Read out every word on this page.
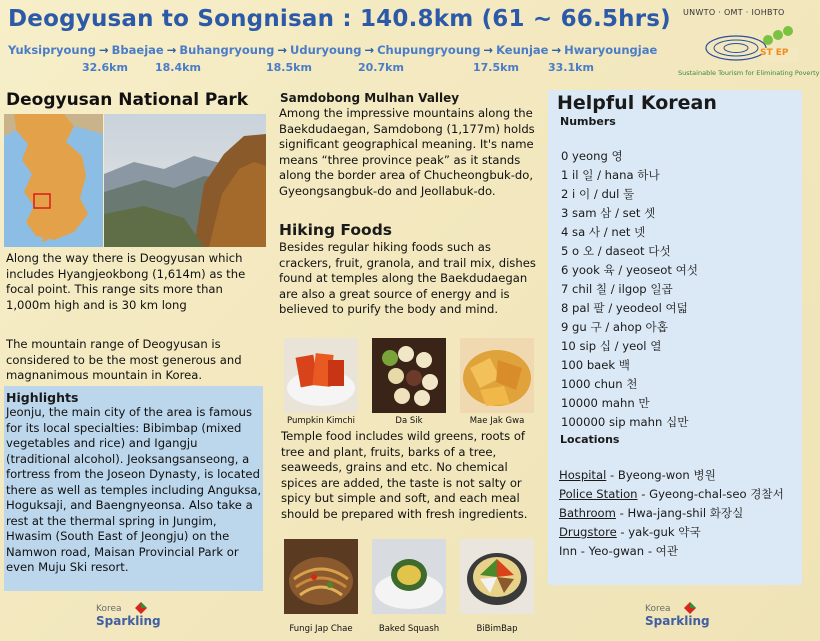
Deogyusan to Songnisan : 140.8km (61 ~ 66.5hrs)
Yuksipryoung → Bbaejae → Buhangryoung → Uduryoung → Chupungryoung → Keunjae → Hwaryoungjae
32.6km 18.4km	18.5km	20.7km	17.5km	33.1km
UNWTO · OMT · ІОНВТО
ST EP
Sustainable Tourism for Eliminating Poverty
Deogyusan National Park
Along the way there is Deogyusan which includes Hyangjeokbong (1,614m) as the focal point. This range sits more than 1,000m high and is 30 km long
The mountain range of Deogyusan is considered to be the most generous and magnanimous mountain in Korea.
Highlights
Jeonju, the main city of the area is famous for its local specialties: Bibimbap (mixed vegetables and rice) and Igangju (traditional alcohol). Jeoksangsanseong, a fortress from the Joseon Dynasty, is located there as well as temples including Anguksa, Hoguksaji, and Baengnyeonsa. Also take a rest at the thermal spring in Jungim, Hwasim (South East of Jeongju) on the Namwon road, Maisan Provincial Park or even Muju Ski resort.
Korea
Sparkling
Samdobong Mulhan Valley
Among the impressive mountains along the Baekdudaegan, Samdobong (1,177m) holds significant geographical meaning. It's name means “three province peak” as it stands along the border area of Chucheongbuk-do, Gyeongsangbuk-do and Jeollabuk-do.
Hiking Foods
Besides regular hiking foods such as crackers, fruit, granola, and trail mix, dishes found at temples along the Baekdudaegan are also a great source of energy and is believed to purify the body and mind.
Pumpkin Kimchi	Da Sik	Mae Jak Gwa
Temple food includes wild greens, roots of tree and plant, fruits, barks of a tree, seaweeds, grains and etc. No chemical spices are added, the taste is not salty or spicy but simple and soft, and each meal should be prepared with fresh ingredients.
Fungi Jap Chae	Baked Squash	BiBimBap
Helpful Korean
Numbers
0 yeong 영
1 il 일 / hana 하나
2 i 이 / dul 둘
3 sam 삼 / set 셋
4 sa 사 / net 넷
5 o 오 / daseot 다섯
6 yook 육 / yeoseot 여섯
7 chil 칠 / ilgop 일곱
8 pal 팔 / yeodeol 여덟
9 gu 구 / ahop 아홉
10 sip 십 / yeol 열
100 baek 백
1000 chun 천
10000 mahn 만
100000 sip mahn 십만
Locations
Hospital - Byeong-won 병원
Police Station - Gyeong-chal-seo 경찰서
Bathroom - Hwa-jang-shil 화장실
Drugstore - yak-guk 약국
Inn - Yeo-gwan - 여관
Korea
Sparkling
